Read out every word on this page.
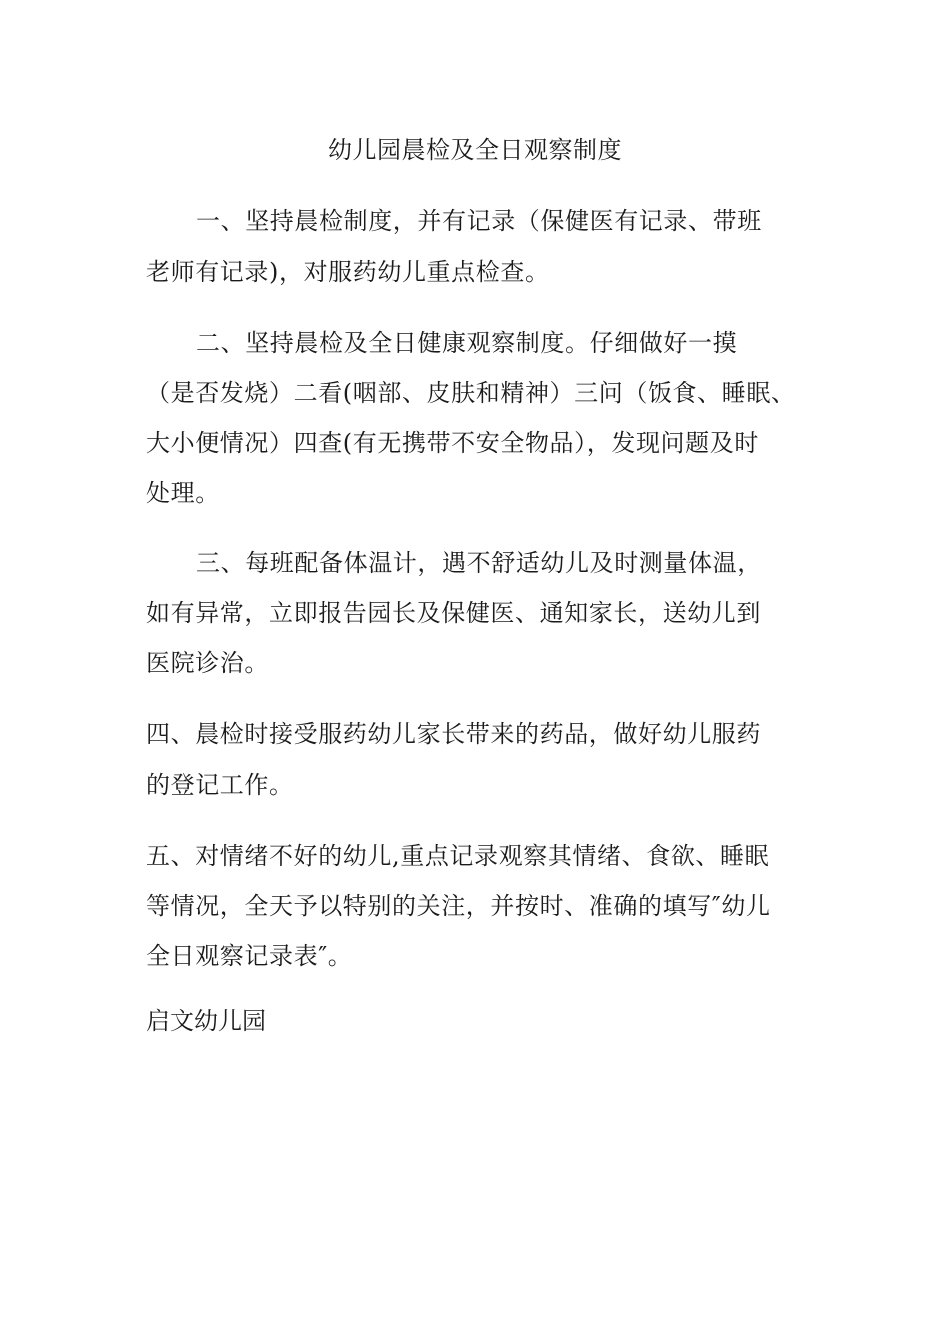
幼儿园晨检及全日观察制度
一、坚持晨检制度，并有记录（保健医有记录、带班
老师有记录)，对服药幼儿重点检查。
二、坚持晨检及全日健康观察制度。仔细做好一摸
（是否发烧）二看(咽部、皮肤和精神）三问（饭食、睡眠、
大小便情况）四查(有无携带不安全物品），发现问题及时
处理。
三、每班配备体温计，遇不舒适幼儿及时测量体温，
如有异常，立即报告园长及保健医、通知家长，送幼儿到
医院诊治。
四、晨检时接受服药幼儿家长带来的药品，做好幼儿服药
的登记工作。
五、对情绪不好的幼儿,重点记录观察其情绪、食欲、睡眠
等情况，全天予以特别的关注，并按时、准确的填写″幼儿
全日观察记录表″。
启文幼儿园
